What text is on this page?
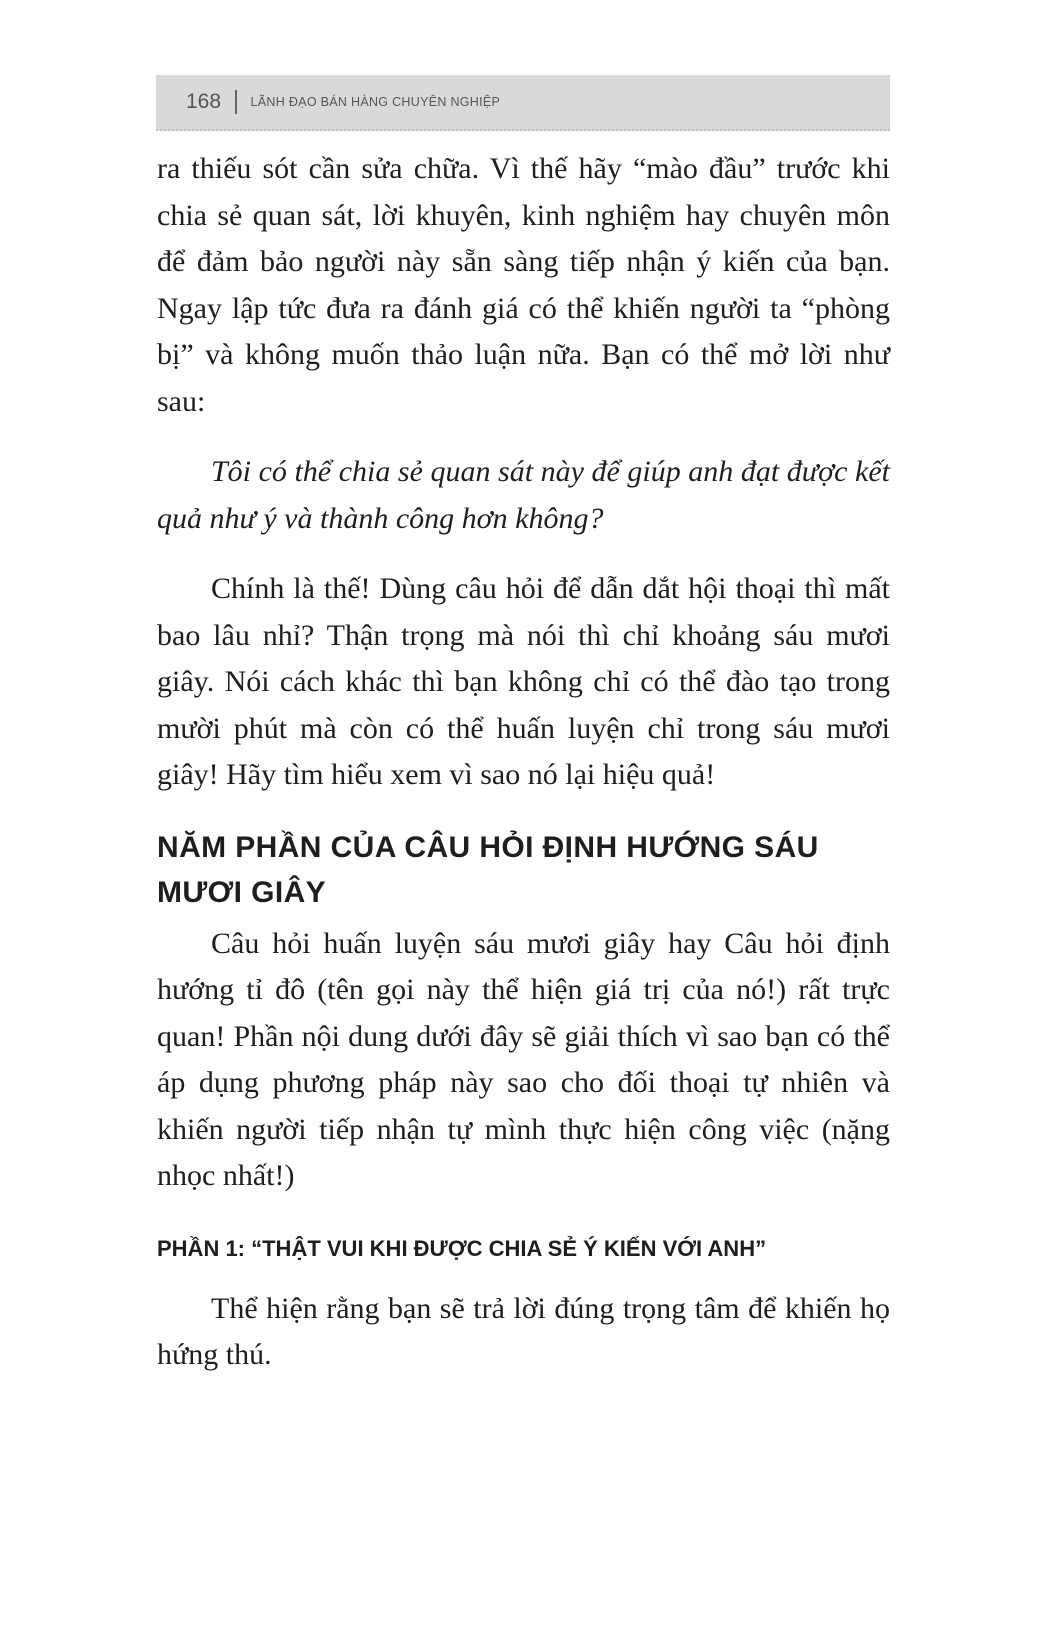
168 LÃNH ĐẠO BÁN HÀNG CHUYÊN NGHIỆP

ra thiếu sót cần sửa chữa. Vì thế hãy “mào đầu” trước khi chia sẻ quan sát, lời khuyên, kinh nghiệm hay chuyên môn để đảm bảo người này sẵn sàng tiếp nhận ý kiến của bạn. Ngay lập tức đưa ra đánh giá có thể khiến người ta “phòng bị” và không muốn thảo luận nữa. Bạn có thể mở lời như sau:

Tôi có thể chia sẻ quan sát này để giúp anh đạt được kết quả như ý và thành công hơn không?

Chính là thế! Dùng câu hỏi để dẫn dắt hội thoại thì mất bao lâu nhỉ? Thận trọng mà nói thì chỉ khoảng sáu mươi giây. Nói cách khác thì bạn không chỉ có thể đào tạo trong mười phút mà còn có thể huấn luyện chỉ trong sáu mươi giây! Hãy tìm hiểu xem vì sao nó lại hiệu quả!

NĂM PHẦN CỦA CÂU HỎI ĐỊNH HƯỚNG SÁU MƯƠI GIÂY

Câu hỏi huấn luyện sáu mươi giây hay Câu hỏi định hướng tỉ đô (tên gọi này thể hiện giá trị của nó!) rất trực quan! Phần nội dung dưới đây sẽ giải thích vì sao bạn có thể áp dụng phương pháp này sao cho đối thoại tự nhiên và khiến người tiếp nhận tự mình thực hiện công việc (nặng nhọc nhất!)

PHẦN 1: “THẬT VUI KHI ĐƯỢC CHIA SẺ Ý KIẾN VỚI ANH”

Thể hiện rằng bạn sẽ trả lời đúng trọng tâm để khiến họ hứng thú.
